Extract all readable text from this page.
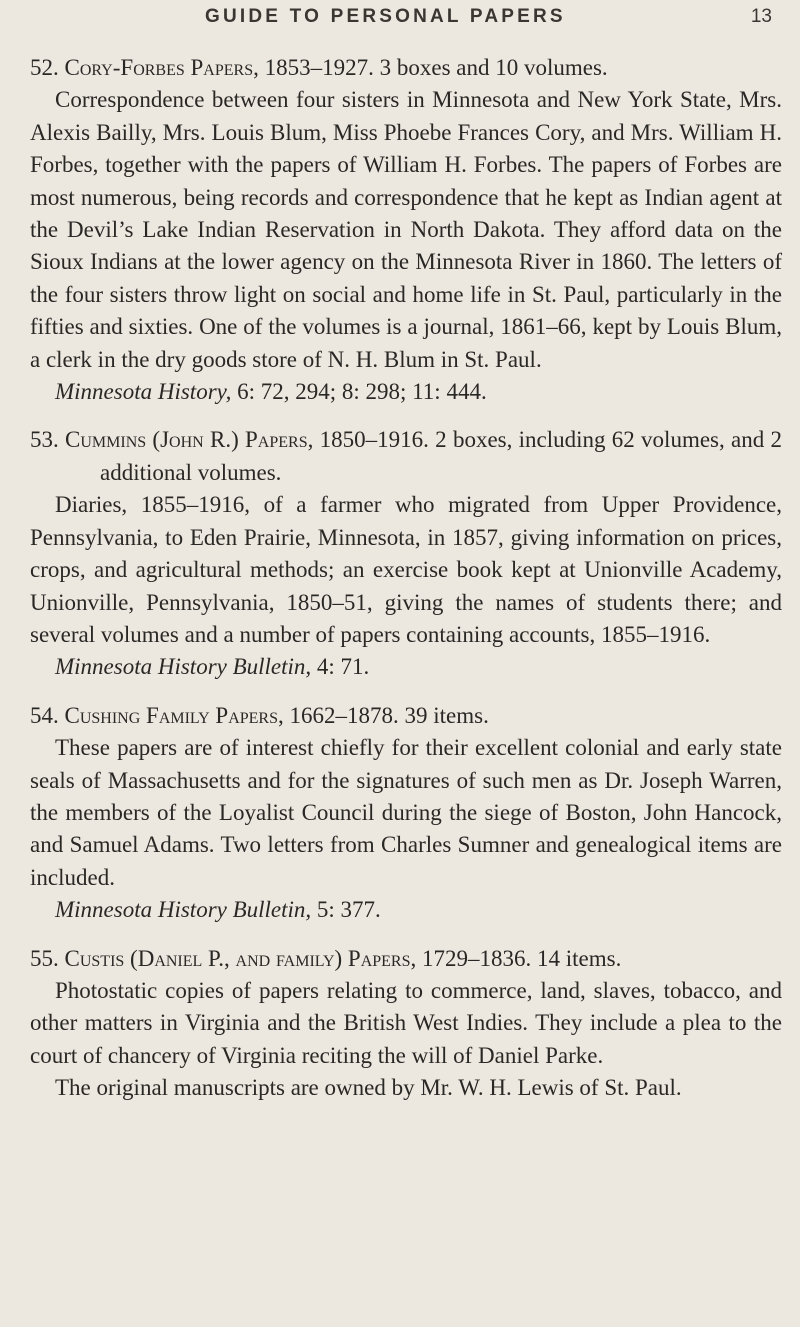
GUIDE TO PERSONAL PAPERS	13

52. Cory-Forbes Papers, 1853–1927. 3 boxes and 10 volumes.

Correspondence between four sisters in Minnesota and New York State, Mrs. Alexis Bailly, Mrs. Louis Blum, Miss Phoebe Frances Cory, and Mrs. William H. Forbes, together with the papers of William H. Forbes. The papers of Forbes are most numerous, being records and correspondence that he kept as Indian agent at the Devil’s Lake Indian Reservation in North Dakota. They afford data on the Sioux Indians at the lower agency on the Minnesota River in 1860. The letters of the four sisters throw light on social and home life in St. Paul, particularly in the fifties and sixties. One of the volumes is a journal, 1861–66, kept by Louis Blum, a clerk in the dry goods store of N. H. Blum in St. Paul.

Minnesota History, 6: 72, 294; 8: 298; 11: 444.

53. Cummins (John R.) Papers, 1850–1916. 2 boxes, including 62 volumes, and 2 additional volumes.

Diaries, 1855–1916, of a farmer who migrated from Upper Providence, Pennsylvania, to Eden Prairie, Minnesota, in 1857, giving information on prices, crops, and agricultural methods; an exercise book kept at Unionville Academy, Unionville, Pennsylvania, 1850–51, giving the names of students there; and several volumes and a number of papers containing accounts, 1855–1916.

Minnesota History Bulletin, 4: 71.

54. Cushing Family Papers, 1662–1878. 39 items.

These papers are of interest chiefly for their excellent colonial and early state seals of Massachusetts and for the signatures of such men as Dr. Joseph Warren, the members of the Loyalist Council during the siege of Boston, John Hancock, and Samuel Adams. Two letters from Charles Sumner and genealogical items are included.

Minnesota History Bulletin, 5: 377.

55. Custis (Daniel P., and family) Papers, 1729–1836. 14 items.

Photostatic copies of papers relating to commerce, land, slaves, tobacco, and other matters in Virginia and the British West Indies. They include a plea to the court of chancery of Virginia reciting the will of Daniel Parke.

The original manuscripts are owned by Mr. W. H. Lewis of St. Paul.
